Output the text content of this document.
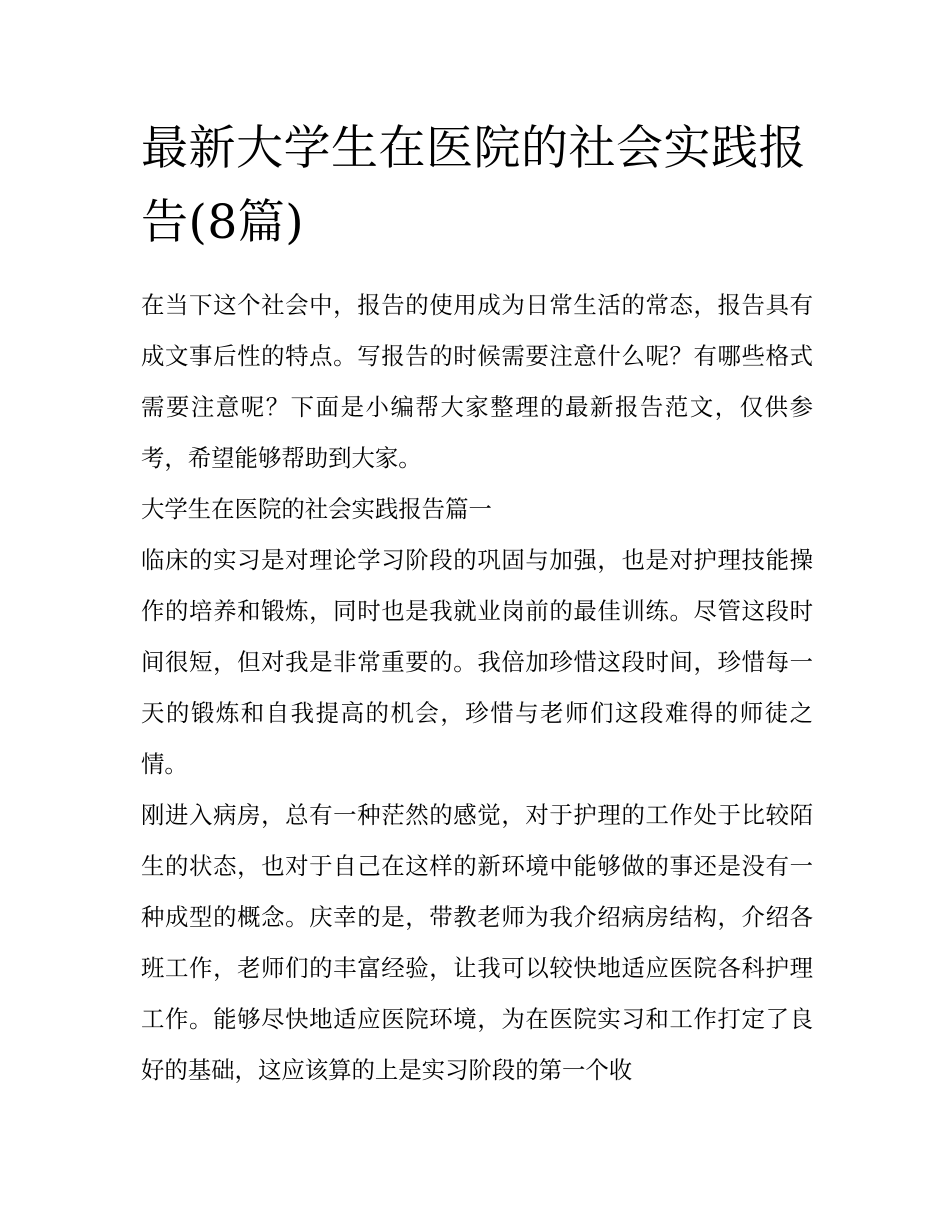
最新大学生在医院的社会实践报告(8篇)

在当下这个社会中，报告的使用成为日常生活的常态，报告具有成文事后性的特点。写报告的时候需要注意什么呢？有哪些格式需要注意呢？下面是小编帮大家整理的最新报告范文，仅供参考，希望能够帮助到大家。

大学生在医院的社会实践报告篇一

临床的实习是对理论学习阶段的巩固与加强，也是对护理技能操作的培养和锻炼，同时也是我就业岗前的最佳训练。尽管这段时间很短，但对我是非常重要的。我倍加珍惜这段时间，珍惜每一天的锻炼和自我提高的机会，珍惜与老师们这段难得的师徒之情。

刚进入病房，总有一种茫然的感觉，对于护理的工作处于比较陌生的状态，也对于自己在这样的新环境中能够做的事还是没有一种成型的概念。庆幸的是，带教老师为我介绍病房结构，介绍各班工作，老师们的丰富经验，让我可以较快地适应医院各科护理工作。能够尽快地适应医院环境，为在医院实习和工作打定了良好的基础，这应该算的上是实习阶段的第一个收
